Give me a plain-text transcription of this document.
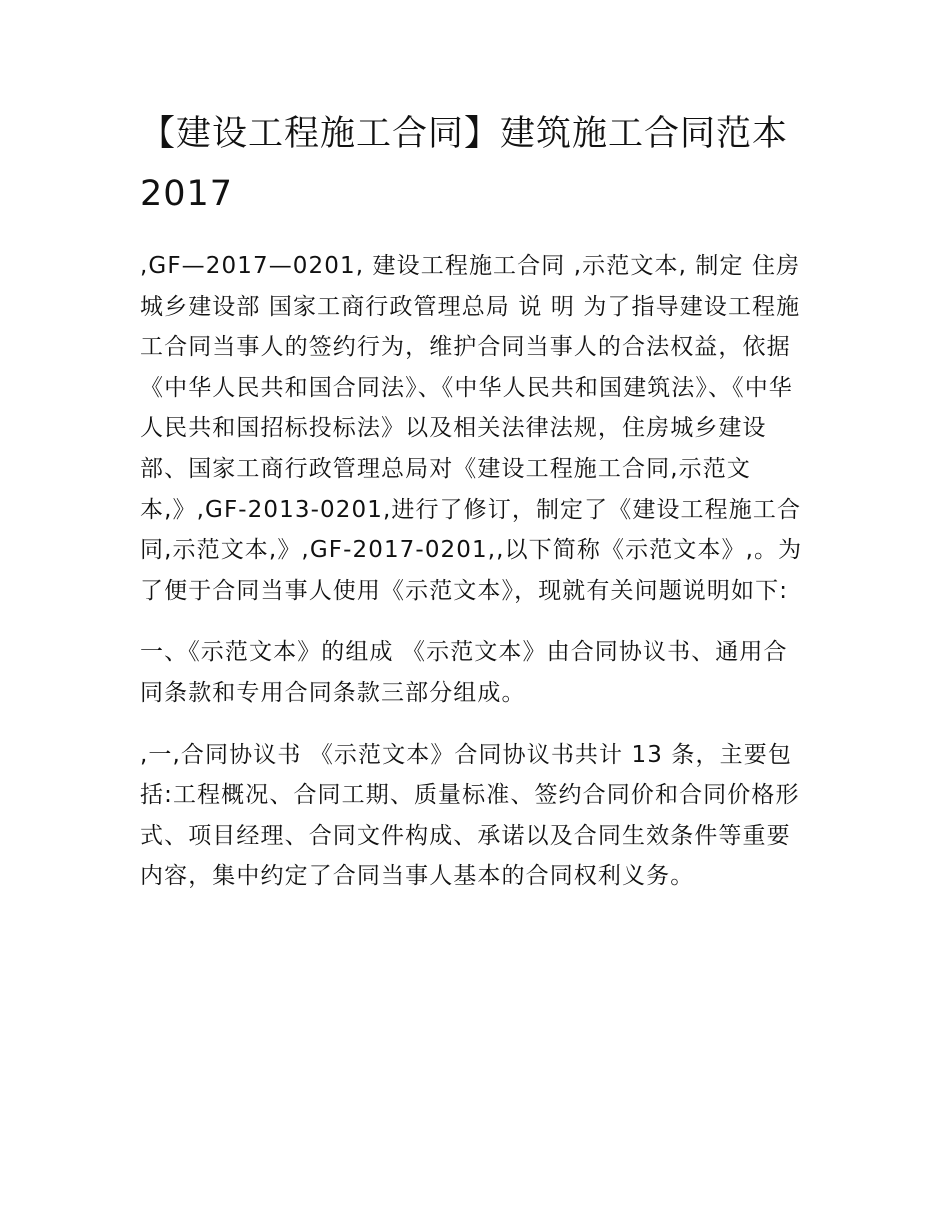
【建设工程施工合同】建筑施工合同范本2017

,GF—2017—0201, 建设工程施工合同 ,示范文本, 制定 住房城乡建设部 国家工商行政管理总局 说 明 为了指导建设工程施工合同当事人的签约行为，维护合同当事人的合法权益，依据《中华人民共和国合同法》、《中华人民共和国建筑法》、《中华人民共和国招标投标法》以及相关法律法规，住房城乡建设部、国家工商行政管理总局对《建设工程施工合同,示范文本,》,GF-2013-0201,进行了修订，制定了《建设工程施工合同,示范文本,》,GF-2017-0201,,以下简称《示范文本》,。为了便于合同当事人使用《示范文本》，现就有关问题说明如下:

一、《示范文本》的组成 《示范文本》由合同协议书、通用合同条款和专用合同条款三部分组成。

,一,合同协议书 《示范文本》合同协议书共计 13 条，主要包括:工程概况、合同工期、质量标准、签约合同价和合同价格形式、项目经理、合同文件构成、承诺以及合同生效条件等重要内容，集中约定了合同当事人基本的合同权利义务。
